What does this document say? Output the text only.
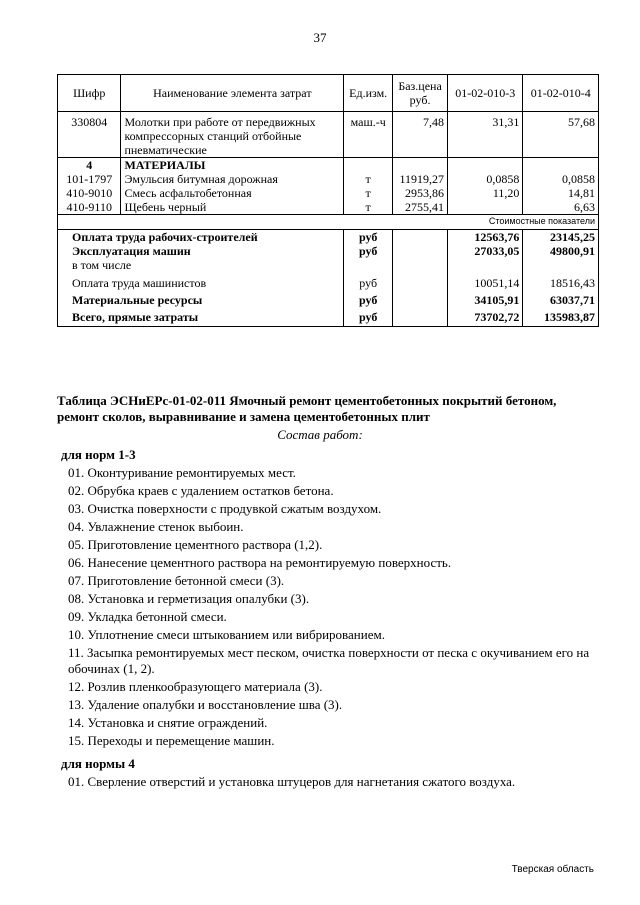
37
Шифр	Наименование элемента затрат	Ед.изм.	Баз.цена руб.	01-02-010-3	01-02-010-4
330804	Молотки при работе от передвижных компрессорных станций отбойные пневматические	маш.-ч	7,48	31,31	57,68
4	МАТЕРИАЛЫ				
101-1797	Эмульсия битумная дорожная	т	11919,27	0,0858	0,0858
410-9010	Смесь асфальтобетонная	т	2953,86	11,20	14,81
410-9110	Щебень черный	т	2755,41		6,63
Стоимостные показатели					
Оплата труда рабочих-строителей		руб		12563,76	23145,25
Эксплуатация машин		руб		27033,05	49800,91
в том числе					
Оплата труда машинистов		руб		10051,14	18516,43
Материальные ресурсы		руб		34105,91	63037,71
Всего, прямые затраты		руб		73702,72	135983,87
Таблица ЭСНиЕРс-01-02-011 Ямочный ремонт цементобетонных покрытий бетоном, ремонт сколов, выравнивание и замена цементобетонных плит
Состав работ:
для норм 1-3
01. Оконтуривание ремонтируемых мест.
02. Обрубка краев с удалением остатков бетона.
03. Очистка поверхности с продувкой сжатым воздухом.
04. Увлажнение стенок выбоин.
05. Приготовление цементного раствора (1,2).
06. Нанесение цементного раствора на ремонтируемую поверхность.
07. Приготовление бетонной смеси (3).
08. Установка и герметизация опалубки (3).
09. Укладка бетонной смеси.
10. Уплотнение смеси штыкованием или вибрированием.
11. Засыпка ремонтируемых мест песком, очистка поверхности от песка с окучиванием его на обочинах (1, 2).
12. Розлив пленкообразующего материала (3).
13. Удаление опалубки и восстановление шва (3).
14. Установка и снятие ограждений.
15. Переходы и перемещение машин.
для нормы 4
01. Сверление отверстий и установка штуцеров для нагнетания сжатого воздуха.
Тверская область
